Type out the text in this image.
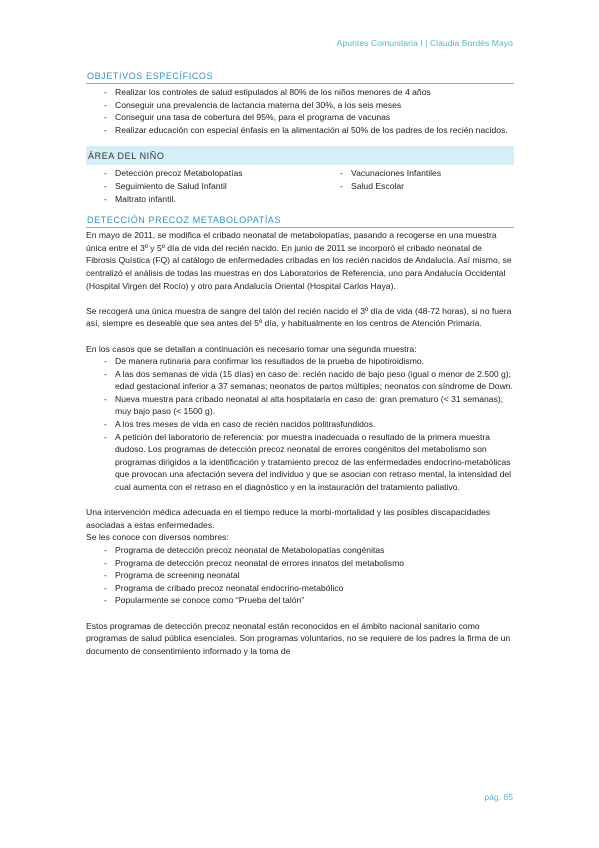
Apuntes Comunitaria I | Claudia Bordés Mayo
OBJETIVOS ESPECÍFICOS
- Realizar los controles de salud estipulados al 80% de los niños menores de 4 años
- Conseguir una prevalencia de lactancia materna del 30%, a los seis meses
- Conseguir una tasa de cobertura del 95%, para el programa de vacunas
- Realizar educación con especial énfasis en la alimentación al 50% de los padres de los recién nacidos.
ÁREA DEL NIÑO
- Detección precoz Metabolopatías
- Seguimiento de Salud Infantil
- Maltrato infantil.
- Vacunaciones Infantiles
- Salud Escolar
DETECCIÓN PRECOZ METABOLOPATÍAS

En mayo de 2011, se modifica el cribado neonatal de metabolopatías, pasando a recogerse en una muestra única entre el 3º y 5º día de vida del recién nacido. En junio de 2011 se incorporó el cribado neonatal de Fibrosis Quística (FQ) al catálogo de enfermedades cribadas en los recién nacidos de Andalucía. Así mismo, se centralizó el análisis de todas las muestras en dos Laboratorios de Referencia, uno para Andalucía Occidental (Hospital Virgen del Rocío) y otro para Andalucía Oriental (Hospital Carlos Haya).

Se recogerá una única muestra de sangre del talón del recién nacido el 3º día de vida (48-72 horas), si no fuera así, siempre es deseable que sea antes del 5º día, y habitualmente en los centros de Atención Primaria.

En los casos que se detallan a continuación es necesario tomar una segunda muestra:

- De manera rutinaria para confirmar los resultados de la prueba de hipotiroidismo.
- A las dos semanas de vida (15 días) en caso de: recién nacido de bajo peso (igual o menor de 2.500 g); edad gestacional inferior a 37 semanas; neonatos de partos múltiples; neonatos con síndrome de Down.
- Nueva muestra para cribado neonatal al alta hospitalaria en caso de: gran prematuro (< 31 semanas); muy bajo paso (< 1500 g).
- A los tres meses de vida en caso de recién nacidos politrasfundidos.
- A petición del laboratorio de referencia: por muestra inadecuada o resultado de la primera muestra dudoso. Los programas de detección precoz neonatal de errores congénitos del metabolismo son programas dirigidos a la identificación y tratamiento precoz de las enfermedades endocrino-metabólicas que provocan una afectación severa del individuo y que se asocian con retraso mental, la intensidad del cual aumenta con el retraso en el diagnóstico y en la instauración del tratamiento paliativo.

Una intervención médica adecuada en el tiempo reduce la morbi-mortalidad y las posibles discapacidades asociadas a estas enfermedades.

Se les conoce con diversos nombres:

- Programa de detección precoz neonatal de Metabolopatías congénitas
- Programa de detección precoz neonatal de errores innatos del metabolismo
- Programa de screening neonatal
- Programa de cribado precoz neonatal endocrino-metabólico
- Popularmente se conoce como “Prueba del talón”

Estos programas de detección precoz neonatal están reconocidos en el ámbito nacional sanitario como programas de salud pública esenciales. Son programas voluntarios, no se requiere de los padres la firma de un documento de consentimiento informado y la toma de

pág. 85
